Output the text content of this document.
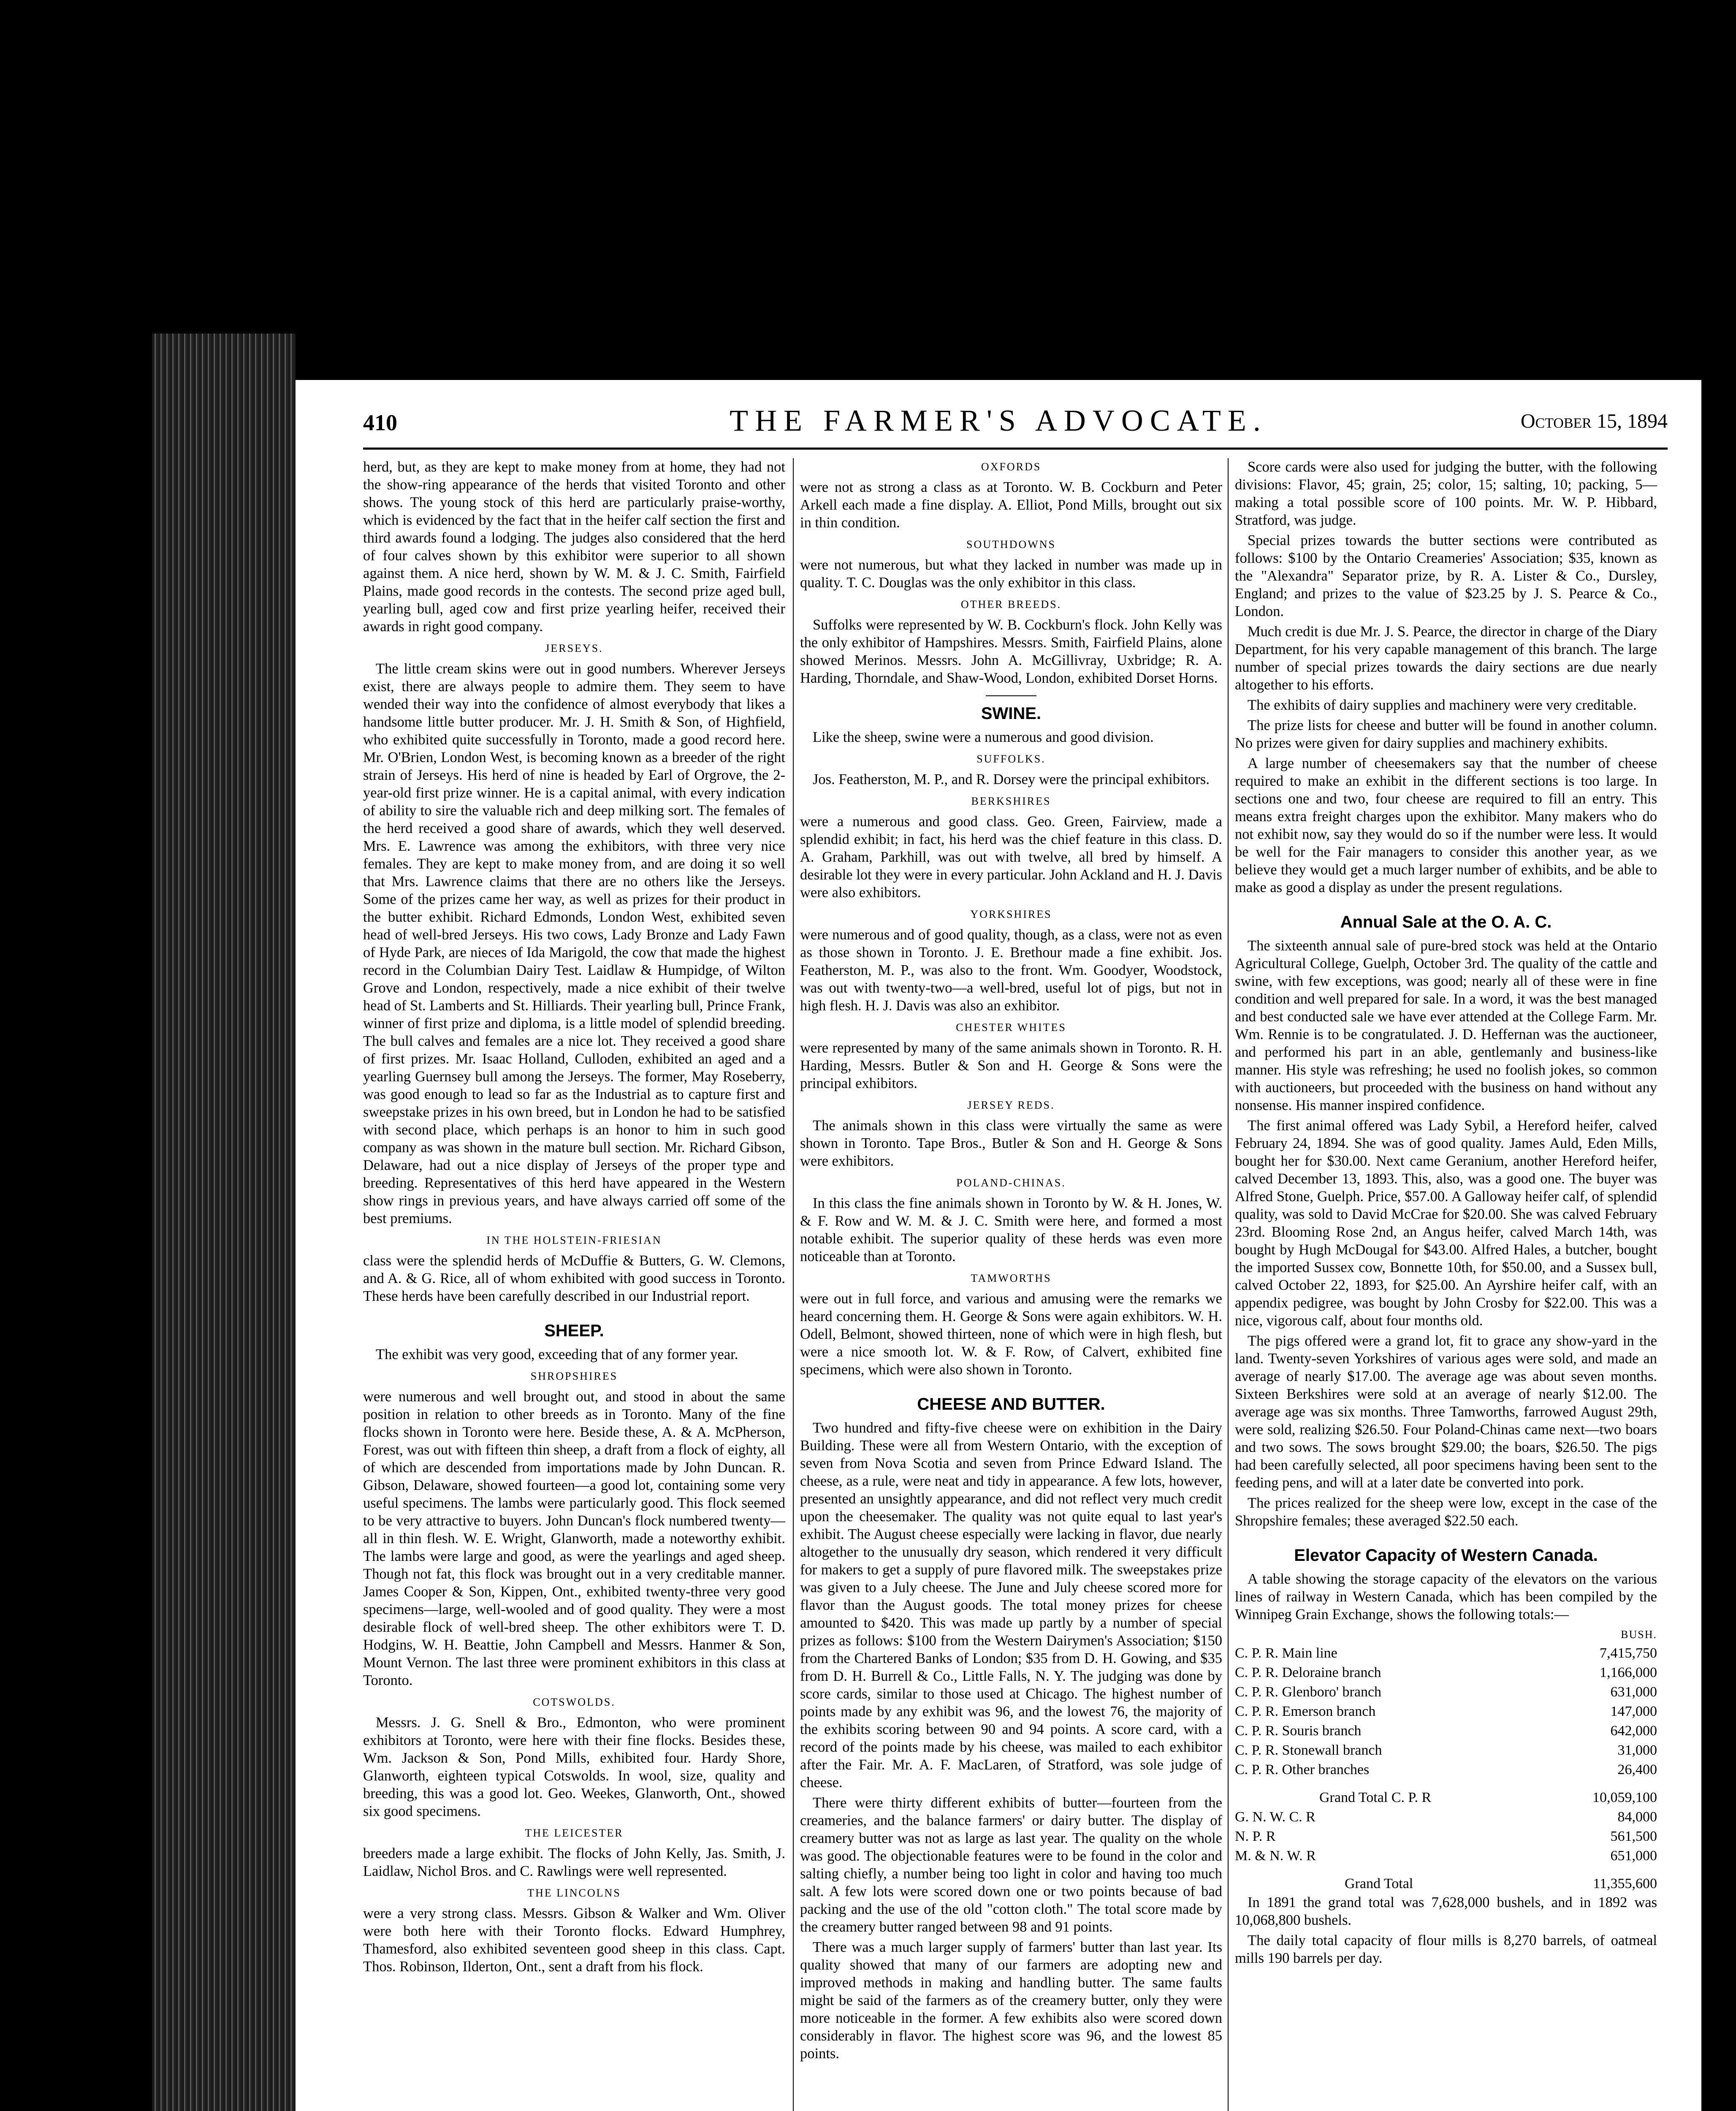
410	THE FARMER'S ADVOCATE.	October 15, 1894

herd, but, as they are kept to make money from at home, they had not the show-ring appearance of the herds that visited Toronto and other shows. The young stock of this herd are particularly praise-worthy, which is evidenced by the fact that in the heifer calf section the first and third awards found a lodging. The judges also considered that the herd of four calves shown by this exhibitor were superior to all shown against them. A nice herd, shown by W. M. & J. C. Smith, Fairfield Plains, made good records in the contests. The second prize aged bull, yearling bull, aged cow and first prize yearling heifer, received their awards in right good company.

JERSEYS.

The little cream skins were out in good numbers. Wherever Jerseys exist, there are always people to admire them. They seem to have wended their way into the confidence of almost everybody that likes a handsome little butter producer. Mr. J. H. Smith & Son, of Highfield, who exhibited quite successfully in Toronto, made a good record here. Mr. O'Brien, London West, is becoming known as a breeder of the right strain of Jerseys. His herd of nine is headed by Earl of Orgrove, the 2-year-old first prize winner. He is a capital animal, with every indication of ability to sire the valuable rich and deep milking sort. The females of the herd received a good share of awards, which they well deserved. Mrs. E. Lawrence was among the exhibitors, with three very nice females. They are kept to make money from, and are doing it so well that Mrs. Lawrence claims that there are no others like the Jerseys. Some of the prizes came her way, as well as prizes for their product in the butter exhibit. Richard Edmonds, London West, exhibited seven head of well-bred Jerseys. His two cows, Lady Bronze and Lady Fawn of Hyde Park, are nieces of Ida Marigold, the cow that made the highest record in the Columbian Dairy Test. Laidlaw & Humpidge, of Wilton Grove and London, respectively, made a nice exhibit of their twelve head of St. Lamberts and St. Hilliards. Their yearling bull, Prince Frank, winner of first prize and diploma, is a little model of splendid breeding. The bull calves and females are a nice lot. They received a good share of first prizes. Mr. Isaac Holland, Culloden, exhibited an aged and a yearling Guernsey bull among the Jerseys. The former, May Roseberry, was good enough to lead so far as the Industrial as to capture first and sweepstake prizes in his own breed, but in London he had to be satisfied with second place, which perhaps is an honor to him in such good company as was shown in the mature bull section. Mr. Richard Gibson, Delaware, had out a nice display of Jerseys of the proper type and breeding. Representatives of this herd have appeared in the Western show rings in previous years, and have always carried off some of the best premiums.

IN THE HOLSTEIN-FRIESIAN

class were the splendid herds of McDuffie & Butters, G. W. Clemons, and A. & G. Rice, all of whom exhibited with good success in Toronto. These herds have been carefully described in our Industrial report.

SHEEP.

The exhibit was very good, exceeding that of any former year.

SHROPSHIRES

were numerous and well brought out, and stood in about the same position in relation to other breeds as in Toronto. Many of the fine flocks shown in Toronto were here. Beside these, A. & A. McPherson, Forest, was out with fifteen thin sheep, a draft from a flock of eighty, all of which are descended from importations made by John Duncan. R. Gibson, Delaware, showed fourteen—a good lot, containing some very useful specimens. The lambs were particularly good. This flock seemed to be very attractive to buyers. John Duncan's flock numbered twenty—all in thin flesh. W. E. Wright, Glanworth, made a noteworthy exhibit. The lambs were large and good, as were the yearlings and aged sheep. Though not fat, this flock was brought out in a very creditable manner. James Cooper & Son, Kippen, Ont., exhibited twenty-three very good specimens—large, well-wooled and of good quality. They were a most desirable flock of well-bred sheep. The other exhibitors were T. D. Hodgins, W. H. Beattie, John Campbell and Messrs. Hanmer & Son, Mount Vernon. The last three were prominent exhibitors in this class at Toronto.

COTSWOLDS.

Messrs. J. G. Snell & Bro., Edmonton, who were prominent exhibitors at Toronto, were here with their fine flocks. Besides these, Wm. Jackson & Son, Pond Mills, exhibited four. Hardy Shore, Glanworth, eighteen typical Cotswolds. In wool, size, quality and breeding, this was a good lot. Geo. Weekes, Glanworth, Ont., showed six good specimens.

THE LEICESTER

breeders made a large exhibit. The flocks of John Kelly, Jas. Smith, J. Laidlaw, Nichol Bros. and C. Rawlings were well represented.

THE LINCOLNS

were a very strong class. Messrs. Gibson & Walker and Wm. Oliver were both here with their Toronto flocks. Edward Humphrey, Thamesford, also exhibited seventeen good sheep in this class. Capt. Thos. Robinson, Ilderton, Ont., sent a draft from his flock.

OXFORDS

were not as strong a class as at Toronto. W. B. Cockburn and Peter Arkell each made a fine display. A. Elliot, Pond Mills, brought out six in thin condition.

SOUTHDOWNS

were not numerous, but what they lacked in number was made up in quality. T. C. Douglas was the only exhibitor in this class.

OTHER BREEDS.

Suffolks were represented by W. B. Cockburn's flock. John Kelly was the only exhibitor of Hampshires. Messrs. Smith, Fairfield Plains, alone showed Merinos. Messrs. John A. McGillivray, Uxbridge; R. A. Harding, Thorndale, and Shaw-Wood, London, exhibited Dorset Horns.

SWINE.

Like the sheep, swine were a numerous and good division.

SUFFOLKS.

Jos. Featherston, M. P., and R. Dorsey were the principal exhibitors.

BERKSHIRES

were a numerous and good class. Geo. Green, Fairview, made a splendid exhibit; in fact, his herd was the chief feature in this class. D. A. Graham, Parkhill, was out with twelve, all bred by himself. A desirable lot they were in every particular. John Ackland and H. J. Davis were also exhibitors.

YORKSHIRES

were numerous and of good quality, though, as a class, were not as even as those shown in Toronto. J. E. Brethour made a fine exhibit. Jos. Featherston, M. P., was also to the front. Wm. Goodyer, Woodstock, was out with twenty-two—a well-bred, useful lot of pigs, but not in high flesh. H. J. Davis was also an exhibitor.

CHESTER WHITES

were represented by many of the same animals shown in Toronto. R. H. Harding, Messrs. Butler & Son and H. George & Sons were the principal exhibitors.

JERSEY REDS.

The animals shown in this class were virtually the same as were shown in Toronto. Tape Bros., Butler & Son and H. George & Sons were exhibitors.

POLAND-CHINAS.

In this class the fine animals shown in Toronto by W. & H. Jones, W. & F. Row and W. M. & J. C. Smith were here, and formed a most notable exhibit. The superior quality of these herds was even more noticeable than at Toronto.

TAMWORTHS

were out in full force, and various and amusing were the remarks we heard concerning them. H. George & Sons were again exhibitors. W. H. Odell, Belmont, showed thirteen, none of which were in high flesh, but were a nice smooth lot. W. & F. Row, of Calvert, exhibited fine specimens, which were also shown in Toronto.

CHEESE AND BUTTER.

Two hundred and fifty-five cheese were on exhibition in the Dairy Building. These were all from Western Ontario, with the exception of seven from Nova Scotia and seven from Prince Edward Island. The cheese, as a rule, were neat and tidy in appearance. A few lots, however, presented an unsightly appearance, and did not reflect very much credit upon the cheesemaker. The quality was not quite equal to last year's exhibit. The August cheese especially were lacking in flavor, due nearly altogether to the unusually dry season, which rendered it very difficult for makers to get a supply of pure flavored milk. The sweepstakes prize was given to a July cheese. The June and July cheese scored more for flavor than the August goods. The total money prizes for cheese amounted to $420. This was made up partly by a number of special prizes as follows: $100 from the Western Dairymen's Association; $150 from the Chartered Banks of London; $35 from D. H. Gowing, and $35 from D. H. Burrell & Co., Little Falls, N. Y. The judging was done by score cards, similar to those used at Chicago. The highest number of points made by any exhibit was 96, and the lowest 76, the majority of the exhibits scoring between 90 and 94 points. A score card, with a record of the points made by his cheese, was mailed to each exhibitor after the Fair. Mr. A. F. MacLaren, of Stratford, was sole judge of cheese.

There were thirty different exhibits of butter—fourteen from the creameries, and the balance farmers' or dairy butter. The display of creamery butter was not as large as last year. The quality on the whole was good. The objectionable features were to be found in the color and salting chiefly, a number being too light in color and having too much salt. A few lots were scored down one or two points because of bad packing and the use of the old "cotton cloth." The total score made by the creamery butter ranged between 98 and 91 points.

There was a much larger supply of farmers' butter than last year. Its quality showed that many of our farmers are adopting new and improved methods in making and handling butter. The same faults might be said of the farmers as of the creamery butter, only they were more noticeable in the former. A few exhibits also were scored down considerably in flavor. The highest score was 96, and the lowest 85 points.

Score cards were also used for judging the butter, with the following divisions: Flavor, 45; grain, 25; color, 15; salting, 10; packing, 5—making a total possible score of 100 points. Mr. W. P. Hibbard, Stratford, was judge.

Special prizes towards the butter sections were contributed as follows: $100 by the Ontario Creameries' Association; $35, known as the "Alexandra" Separator prize, by R. A. Lister & Co., Dursley, England; and prizes to the value of $23.25 by J. S. Pearce & Co., London.

Much credit is due Mr. J. S. Pearce, the director in charge of the Diary Department, for his very capable management of this branch. The large number of special prizes towards the dairy sections are due nearly altogether to his efforts.

The exhibits of dairy supplies and machinery were very creditable.

The prize lists for cheese and butter will be found in another column. No prizes were given for dairy supplies and machinery exhibits.

A large number of cheesemakers say that the number of cheese required to make an exhibit in the different sections is too large. In sections one and two, four cheese are required to fill an entry. This means extra freight charges upon the exhibitor. Many makers who do not exhibit now, say they would do so if the number were less. It would be well for the Fair managers to consider this another year, as we believe they would get a much larger number of exhibits, and be able to make as good a display as under the present regulations.

Annual Sale at the O. A. C.

The sixteenth annual sale of pure-bred stock was held at the Ontario Agricultural College, Guelph, October 3rd. The quality of the cattle and swine, with few exceptions, was good; nearly all of these were in fine condition and well prepared for sale. In a word, it was the best managed and best conducted sale we have ever attended at the College Farm. Mr. Wm. Rennie is to be congratulated. J. D. Heffernan was the auctioneer, and performed his part in an able, gentlemanly and business-like manner. His style was refreshing; he used no foolish jokes, so common with auctioneers, but proceeded with the business on hand without any nonsense. His manner inspired confidence.

The first animal offered was Lady Sybil, a Hereford heifer, calved February 24, 1894. She was of good quality. James Auld, Eden Mills, bought her for $30.00. Next came Geranium, another Hereford heifer, calved December 13, 1893. This, also, was a good one. The buyer was Alfred Stone, Guelph. Price, $57.00. A Galloway heifer calf, of splendid quality, was sold to David McCrae for $20.00. She was calved February 23rd. Blooming Rose 2nd, an Angus heifer, calved March 14th, was bought by Hugh McDougal for $43.00. Alfred Hales, a butcher, bought the imported Sussex cow, Bonnette 10th, for $50.00, and a Sussex bull, calved October 22, 1893, for $25.00. An Ayrshire heifer calf, with an appendix pedigree, was bought by John Crosby for $22.00. This was a nice, vigorous calf, about four months old.

The pigs offered were a grand lot, fit to grace any show-yard in the land. Twenty-seven Yorkshires of various ages were sold, and made an average of nearly $17.00. The average age was about seven months. Sixteen Berkshires were sold at an average of nearly $12.00. The average age was six months. Three Tamworths, farrowed August 29th, were sold, realizing $26.50. Four Poland-Chinas came next—two boars and two sows. The sows brought $29.00; the boars, $26.50. The pigs had been carefully selected, all poor specimens having been sent to the feeding pens, and will at a later date be converted into pork.

The prices realized for the sheep were low, except in the case of the Shropshire females; these averaged $22.50 each.

Elevator Capacity of Western Canada.

A table showing the storage capacity of the elevators on the various lines of railway in Western Canada, which has been compiled by the Winnipeg Grain Exchange, shows the following totals:—

BUSH.
C. P. R. Main line	7,415,750
C. P. R. Deloraine branch	1,166,000
C. P. R. Glenboro' branch	631,000
C. P. R. Emerson branch	147,000
C. P. R. Souris branch	642,000
C. P. R. Stonewall branch	31,000
C. P. R. Other branches	26,400
Grand Total C. P. R	10,059,100
G. N. W. C. R	84,000
N. P. R	561,500
M. & N. W. R	651,000
Grand Total	11,355,600

In 1891 the grand total was 7,628,000 bushels, and in 1892 was 10,068,800 bushels.

The daily total capacity of flour mills is 8,270 barrels, of oatmeal mills 190 barrels per day.
